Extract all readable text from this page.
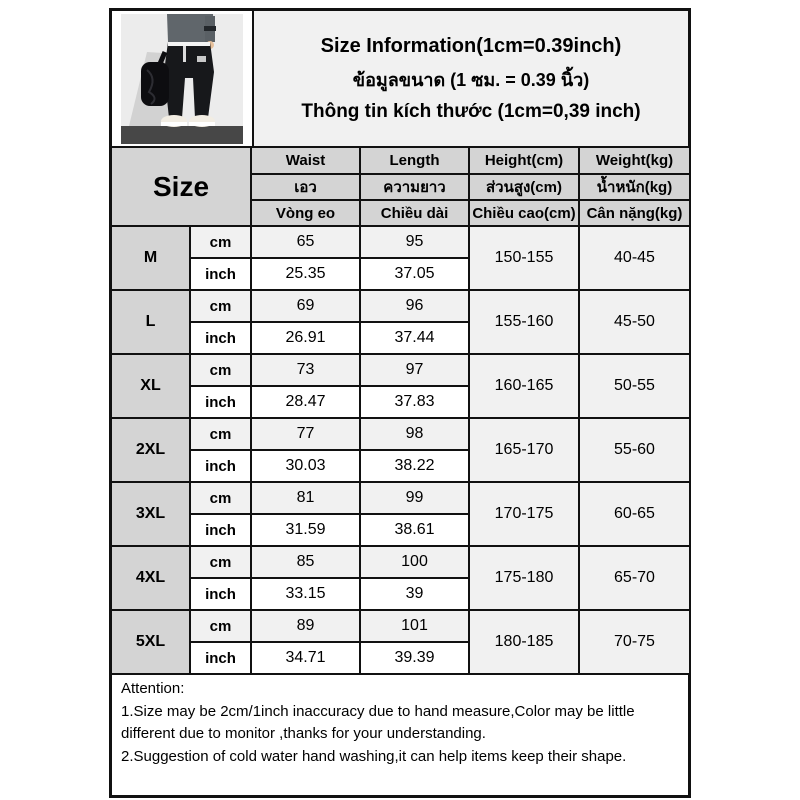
Size Information(1cm=0.39inch)
ข้อมูลขนาด (1 ซม. = 0.39 นิ้ว)
Thông tin kích thước (1cm=0,39 inch)
Size		Waist	Length	Height(cm)	Weight(kg)
		เอว	ความยาว	ส่วนสูง(cm)	น้ำหนัก(kg)
		Vòng eo	Chiều dài	Chiều cao(cm)	Cân nặng(kg)
M	cm	65	95	150-155	40-45
	inch	25.35	37.05		
L	cm	69	96	155-160	45-50
	inch	26.91	37.44		
XL	cm	73	97	160-165	50-55
	inch	28.47	37.83		
2XL	cm	77	98	165-170	55-60
	inch	30.03	38.22		
3XL	cm	81	99	170-175	60-65
	inch	31.59	38.61		
4XL	cm	85	100	175-180	65-70
	inch	33.15	39		
5XL	cm	89	101	180-185	70-75
	inch	34.71	39.39		

Attention:

1.Size may be 2cm/1inch inaccuracy due to hand measure,Color may be little different due to monitor ,thanks for your understanding.

2.Suggestion of cold water hand washing,it can help items keep their shape.
